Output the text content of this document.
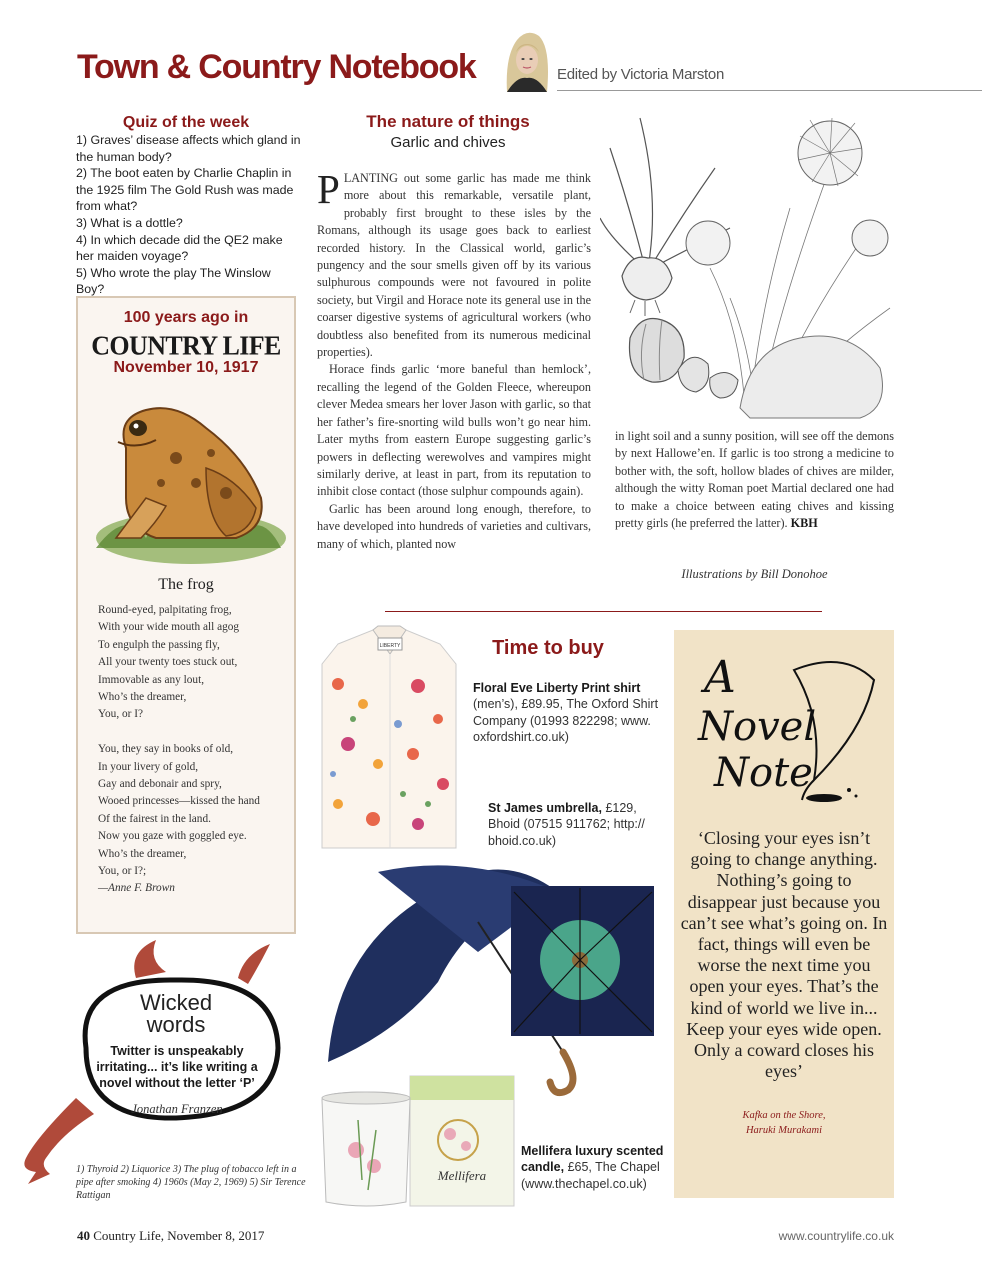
Town & Country Notebook	Edited by Victoria Marston
Quiz of the week
1) Graves’ disease affects which gland in the human body?
2) The boot eaten by Charlie Chaplin in the 1925 film The Gold Rush was made from what?
3) What is a dottle?
4) In which decade did the QE2 make her maiden voyage?
5) Who wrote the play The Winslow Boy?
100 years ago in
COUNTRY LIFE
November 10, 1917
The frog
Round-eyed, palpitating frog,
With your wide mouth all agog
To engulph the passing fly,
All your twenty toes stuck out,
Immovable as any lout,
Who’s the dreamer,
You, or I?
You, they say in books of old,
In your livery of gold,
Gay and debonair and spry,
Wooed princesses—kissed the hand
Of the fairest in the land.
Now you gaze with goggled eye.
Who’s the dreamer,
You, or I?;
—Anne F. Brown
The nature of things
Garlic and chives

PLANTING out some garlic has made me think more about this remarkable, versatile plant, probably first brought to these isles by the Romans, although its usage goes back to earliest recorded history. In the Classical world, garlic’s pungency and the sour smells given off by its various sulphurous compounds were not favoured in polite society, but Virgil and Horace note its general use in the coarser digestive systems of agricultural workers (who doubtless also benefited from its numerous medicinal properties).

Horace finds garlic ‘more baneful than hemlock’, recalling the legend of the Golden Fleece, whereupon clever Medea smears her lover Jason with garlic, so that her father’s fire-snorting wild bulls won’t go near him. Later myths from eastern Europe suggesting garlic’s powers in deflecting werewolves and vampires might similarly derive, at least in part, from its reputation to inhibit close contact (those sulphur compounds again).

Garlic has been around long enough, therefore, to have developed into hundreds of varieties and cultivars, many of which, planted now

in light soil and a sunny position, will see off the demons by next Hallowe’en. If garlic is too strong a medicine to bother with, the soft, hollow blades of chives are milder, although the witty Roman poet Martial declared one had to make a choice between eating chives and kissing pretty girls (he preferred the latter). KBH
Illustrations by Bill Donohoe
LIBERTY	Time to buy
Floral Eve Liberty Print shirt (men’s), £89.95, The Oxford Shirt Company (01993 822298; www. oxfordshirt.co.uk)
St James umbrella, £129, Bhoid (07515 911762; http:// bhoid.co.uk)
Mellifera
Mellifera luxury scented candle, £65, The Chapel (www.thechapel.co.uk)
A
Novel
Note
‘Closing your eyes isn’t going to change anything. Nothing’s going to disappear just because you can’t see what’s going on. In fact, things will even be worse the next time you open your eyes. That’s the kind of world we live in... Keep your eyes wide open. Only a coward closes his eyes’
Kafka on the Shore,
Haruki Murakami
Wicked
words
Twitter is unspeakably irritating... it’s like writing a novel without the letter ‘P’
Jonathan Franzen
1) Thyroid 2) Liquorice 3) The plug of tobacco left in a pipe after smoking 4) 1960s (May 2, 1969) 5) Sir Terence Rattigan
40 Country Life, November 8, 2017	www.countrylife.co.uk
